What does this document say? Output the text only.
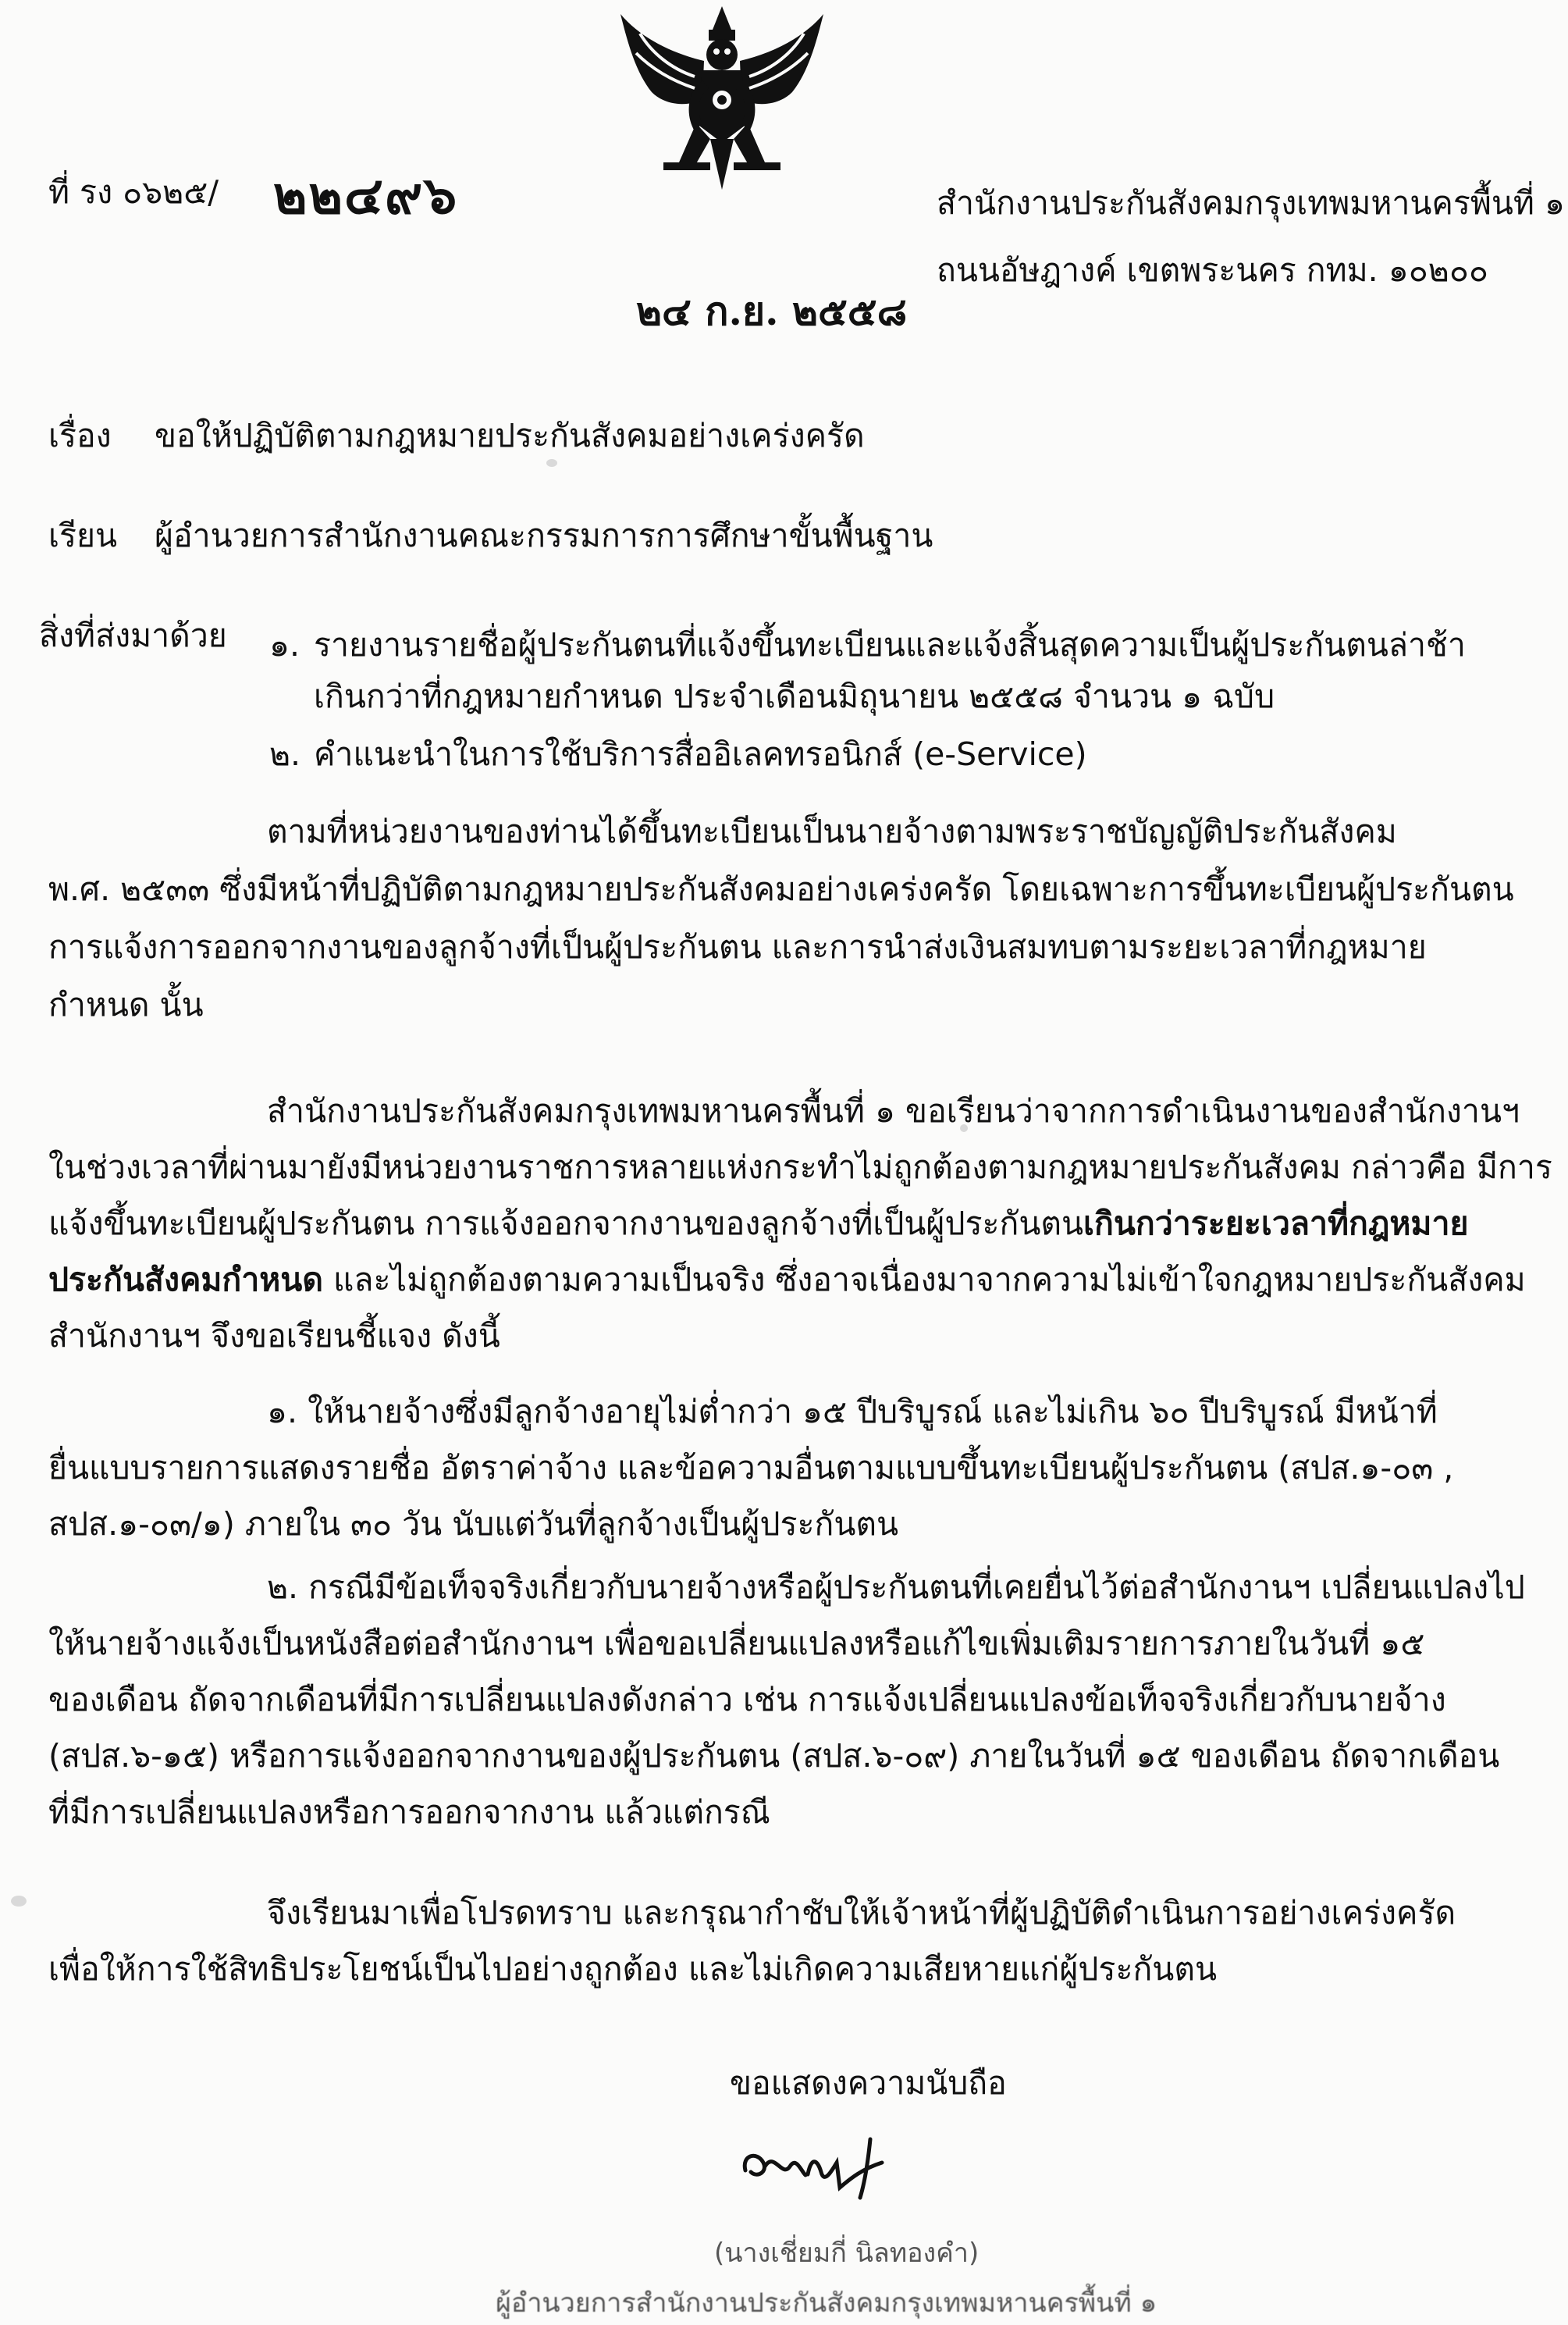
ที่ รง ๐๖๒๕/ ๒๒๔๙๖	สำนักงานประกันสังคมกรุงเทพมหานครพื้นที่ ๑
ถนนอัษฎางค์ เขตพระนคร กทม. ๑๐๒๐๐
๒๔ ก.ย. ๒๕๕๘
เรื่อง ขอให้ปฏิบัติตามกฎหมายประกันสังคมอย่างเคร่งครัด
เรียน ผู้อำนวยการสำนักงานคณะกรรมการการศึกษาขั้นพื้นฐาน
สิ่งที่ส่งมาด้วย ๑. รายงานรายชื่อผู้ประกันตนที่แจ้งขึ้นทะเบียนและแจ้งสิ้นสุดความเป็นผู้ประกันตนล่าช้า
เกินกว่าที่กฎหมายกำหนด ประจำเดือนมิถุนายน ๒๕๕๘ จำนวน ๑ ฉบับ
๒. คำแนะนำในการใช้บริการสื่ออิเลคทรอนิกส์ (e-Service)
ตามที่หน่วยงานของท่านได้ขึ้นทะเบียนเป็นนายจ้างตามพระราชบัญญัติประกันสังคม
พ.ศ. ๒๕๓๓ ซึ่งมีหน้าที่ปฏิบัติตามกฎหมายประกันสังคมอย่างเคร่งครัด โดยเฉพาะการขึ้นทะเบียนผู้ประกันตน
การแจ้งการออกจากงานของลูกจ้างที่เป็นผู้ประกันตน และการนำส่งเงินสมทบตามระยะเวลาที่กฎหมาย
กำหนด นั้น
สำนักงานประกันสังคมกรุงเทพมหานครพื้นที่ ๑ ขอเรียนว่าจากการดำเนินงานของสำนักงานฯ
ในช่วงเวลาที่ผ่านมายังมีหน่วยงานราชการหลายแห่งกระทำไม่ถูกต้องตามกฎหมายประกันสังคม กล่าวคือ มีการ
แจ้งขึ้นทะเบียนผู้ประกันตน การแจ้งออกจากงานของลูกจ้างที่เป็นผู้ประกันตนเกินกว่าระยะเวลาที่กฎหมาย
ประกันสังคมกำหนด และไม่ถูกต้องตามความเป็นจริง ซึ่งอาจเนื่องมาจากความไม่เข้าใจกฎหมายประกันสังคม
สำนักงานฯ จึงขอเรียนชี้แจง ดังนี้
๑. ให้นายจ้างซึ่งมีลูกจ้างอายุไม่ต่ำกว่า ๑๕ ปีบริบูรณ์ และไม่เกิน ๖๐ ปีบริบูรณ์ มีหน้าที่
ยื่นแบบรายการแสดงรายชื่อ อัตราค่าจ้าง และข้อความอื่นตามแบบขึ้นทะเบียนผู้ประกันตน (สปส.๑-๐๓ ,
สปส.๑-๐๓/๑) ภายใน ๓๐ วัน นับแต่วันที่ลูกจ้างเป็นผู้ประกันตน
๒. กรณีมีข้อเท็จจริงเกี่ยวกับนายจ้างหรือผู้ประกันตนที่เคยยื่นไว้ต่อสำนักงานฯ เปลี่ยนแปลงไป
ให้นายจ้างแจ้งเป็นหนังสือต่อสำนักงานฯ เพื่อขอเปลี่ยนแปลงหรือแก้ไขเพิ่มเติมรายการภายในวันที่ ๑๕
ของเดือน ถัดจากเดือนที่มีการเปลี่ยนแปลงดังกล่าว เช่น การแจ้งเปลี่ยนแปลงข้อเท็จจริงเกี่ยวกับนายจ้าง
(สปส.๖-๑๕) หรือการแจ้งออกจากงานของผู้ประกันตน (สปส.๖-๐๙) ภายในวันที่ ๑๕ ของเดือน ถัดจากเดือน
ที่มีการเปลี่ยนแปลงหรือการออกจากงาน แล้วแต่กรณี
จึงเรียนมาเพื่อโปรดทราบ และกรุณากำชับให้เจ้าหน้าที่ผู้ปฏิบัติดำเนินการอย่างเคร่งครัด
เพื่อให้การใช้สิทธิประโยชน์เป็นไปอย่างถูกต้อง และไม่เกิดความเสียหายแก่ผู้ประกันตน
ขอแสดงความนับถือ
(นางเชี่ยมกี่ นิลทองคำ)
ผู้อำนวยการสำนักงานประกันสังคมกรุงเทพมหานครพื้นที่ ๑
